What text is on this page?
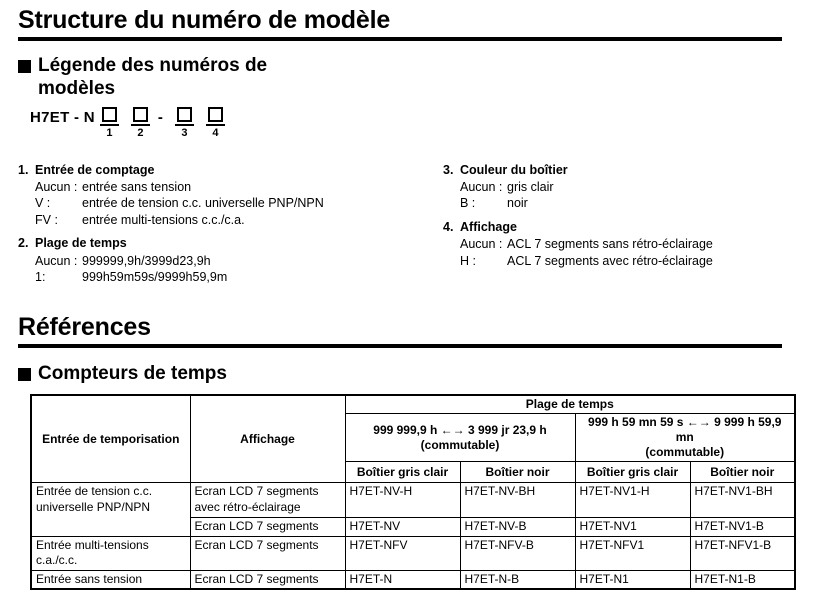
Structure du numéro de modèle
Légende des numéros de modèles
H7ET - N
1 2
-
3 4
1. Entrée de comptage
Aucun : entrée sans tension
V :	entrée de tension c.c. universelle PNP/NPN
FV :	entrée multi-tensions c.c./c.a.
2. Plage de temps
Aucun : 999999,9h/3999d23,9h
1:	999h59m59s/9999h59,9m
3. Couleur du boîtier
Aucun : gris clair
B :	noir
4. Affichage
Aucun : ACL 7 segments sans rétro-éclairage
H :	ACL 7 segments avec rétro-éclairage
Références
Compteurs de temps
Entrée de temporisation	Affichage	Plage de temps			

999 999,9 h ←→ 3 999 jr 23,9 h
(commutable)

999 h 59 mn 59 s ←→ 9 999 h 59,9 mn
(commutable)

		Boîtier gris clair	Boîtier noir	Boîtier gris clair	Boîtier noir
Entrée de tension c.c. universelle PNP/NPN	Ecran LCD 7 segments avec rétro-éclairage	H7ET-NV-H	H7ET-NV-BH	H7ET-NV1-H	H7ET-NV1-BH
	Ecran LCD 7 segments	H7ET-NV	H7ET-NV-B	H7ET-NV1	H7ET-NV1-B
Entrée multi-tensions c.a./c.c.	Ecran LCD 7 segments	H7ET-NFV	H7ET-NFV-B	H7ET-NFV1	H7ET-NFV1-B
Entrée sans tension	Ecran LCD 7 segments	H7ET-N	H7ET-N-B	H7ET-N1	H7ET-N1-B
